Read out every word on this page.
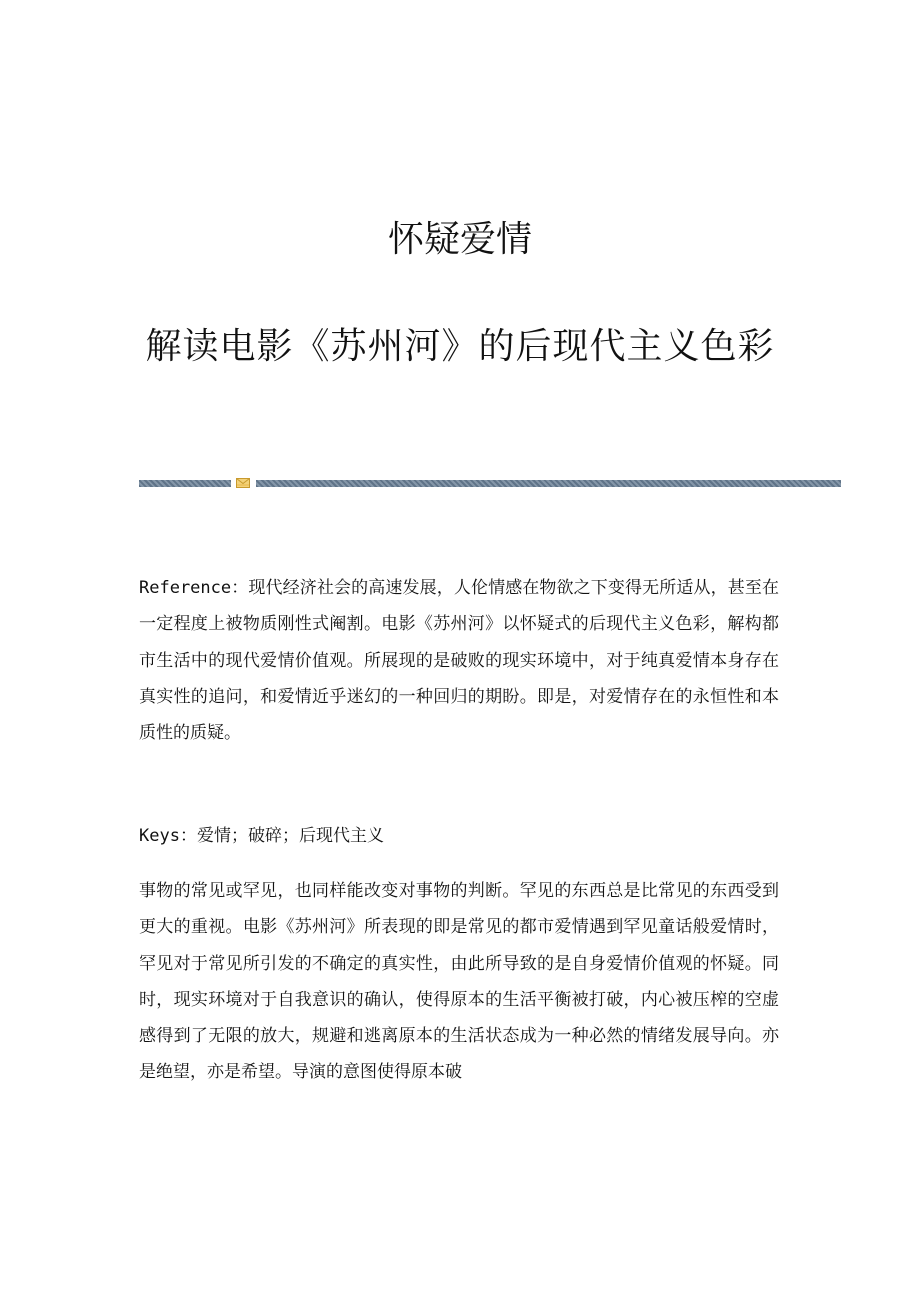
怀疑爱情
解读电影《苏州河》的后现代主义色彩

Reference：现代经济社会的高速发展，人伦情感在物欲之下变得无所适从，甚至在一定程度上被物质刚性式阉割。电影《苏州河》以怀疑式的后现代主义色彩，解构都市生活中的现代爱情价值观。所展现的是破败的现实环境中，对于纯真爱情本身存在真实性的追问，和爱情近乎迷幻的一种回归的期盼。即是，对爱情存在的永恒性和本质性的质疑。

Keys：爱情；破碎；后现代主义

事物的常见或罕见，也同样能改变对事物的判断。罕见的东西总是比常见的东西受到更大的重视。电影《苏州河》所表现的即是常见的都市爱情遇到罕见童话般爱情时，罕见对于常见所引发的不确定的真实性，由此所导致的是自身爱情价值观的怀疑。同时，现实环境对于自我意识的确认，使得原本的生活平衡被打破，内心被压榨的空虚感得到了无限的放大，规避和逃离原本的生活状态成为一种必然的情绪发展导向。亦是绝望，亦是希望。导演的意图使得原本破
